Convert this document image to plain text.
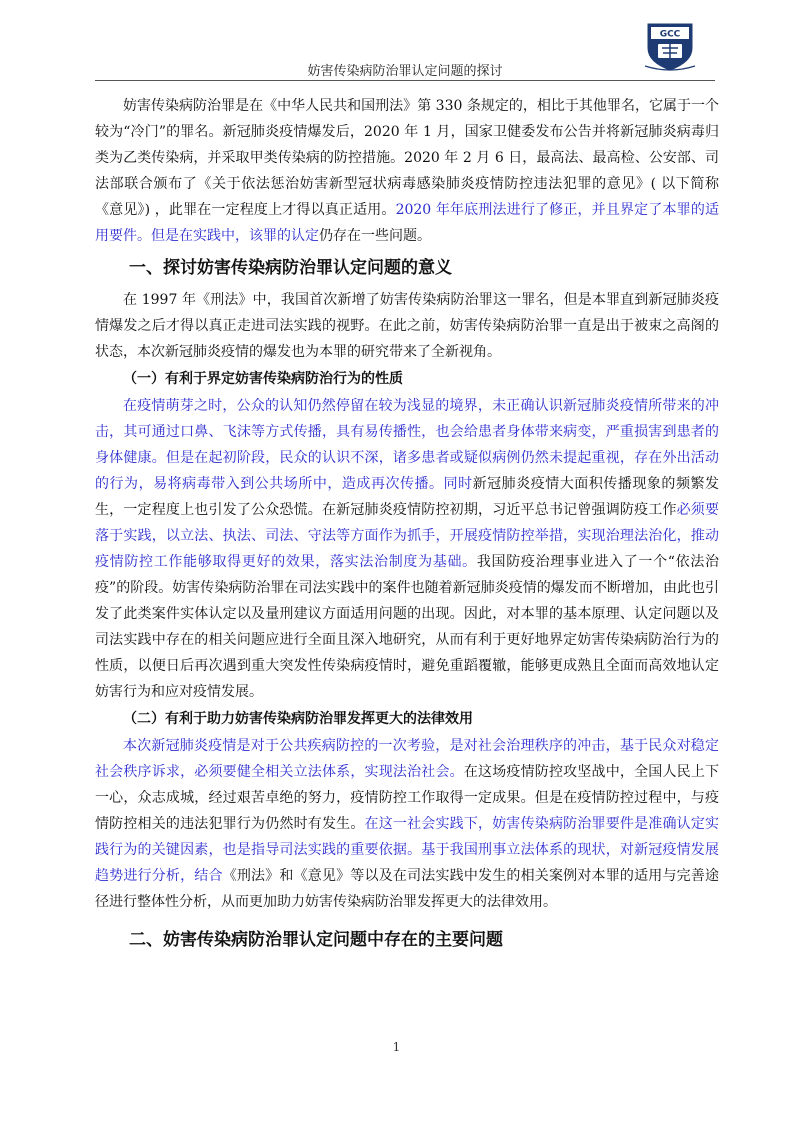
妨害传染病防治罪认定问题的探讨
GCC

妨害传染病防治罪是在《中华人民共和国刑法》第 330 条规定的，相比于其他罪名，它属于一个较为“冷门”的罪名。新冠肺炎疫情爆发后，2020 年 1 月，国家卫健委发布公告并将新冠肺炎病毒归类为乙类传染病，并采取甲类传染病的防控措施。2020 年 2 月 6 日，最高法、最高检、公安部、司法部联合颁布了《关于依法惩治妨害新型冠状病毒感染肺炎疫情防控违法犯罪的意见》( 以下简称《意见》) ，此罪在一定程度上才得以真正适用。2020 年年底刑法进行了修正，并且界定了本罪的适用要件。但是在实践中，该罪的认定仍存在一些问题。

一、探讨妨害传染病防治罪认定问题的意义

在 1997 年《刑法》中，我国首次新增了妨害传染病防治罪这一罪名，但是本罪直到新冠肺炎疫情爆发之后才得以真正走进司法实践的视野。在此之前，妨害传染病防治罪一直是出于被束之高阁的状态，本次新冠肺炎疫情的爆发也为本罪的研究带来了全新视角。

（一）有利于界定妨害传染病防治行为的性质

在疫情萌芽之时，公众的认知仍然停留在较为浅显的境界，未正确认识新冠肺炎疫情所带来的冲击，其可通过口鼻、飞沫等方式传播，具有易传播性，也会给患者身体带来病变，严重损害到患者的身体健康。但是在起初阶段，民众的认识不深，诸多患者或疑似病例仍然未提起重视，存在外出活动的行为，易将病毒带入到公共场所中，造成再次传播。同时新冠肺炎疫情大面积传播现象的频繁发生，一定程度上也引发了公众恐慌。在新冠肺炎疫情防控初期，习近平总书记曾强调防疫工作必须要落于实践，以立法、执法、司法、守法等方面作为抓手，开展疫情防控举措，实现治理法治化，推动疫情防控工作能够取得更好的效果，落实法治制度为基础。我国防疫治理事业进入了一个“依法治疫”的阶段。妨害传染病防治罪在司法实践中的案件也随着新冠肺炎疫情的爆发而不断增加，由此也引发了此类案件实体认定以及量刑建议方面适用问题的出现。因此，对本罪的基本原理、认定问题以及司法实践中存在的相关问题应进行全面且深入地研究，从而有利于更好地界定妨害传染病防治行为的性质，以便日后再次遇到重大突发性传染病疫情时，避免重蹈覆辙，能够更成熟且全面而高效地认定妨害行为和应对疫情发展。

（二）有利于助力妨害传染病防治罪发挥更大的法律效用

本次新冠肺炎疫情是对于公共疾病防控的一次考验，是对社会治理秩序的冲击，基于民众对稳定社会秩序诉求，必须要健全相关立法体系，实现法治社会。在这场疫情防控攻坚战中，全国人民上下一心，众志成城，经过艰苦卓绝的努力，疫情防控工作取得一定成果。但是在疫情防控过程中，与疫情防控相关的违法犯罪行为仍然时有发生。在这一社会实践下，妨害传染病防治罪要件是准确认定实践行为的关键因素，也是指导司法实践的重要依据。基于我国刑事立法体系的现状，对新冠疫情发展趋势进行分析，结合《刑法》和《意见》等以及在司法实践中发生的相关案例对本罪的适用与完善途径进行整体性分析，从而更加助力妨害传染病防治罪发挥更大的法律效用。

二、妨害传染病防治罪认定问题中存在的主要问题
1
